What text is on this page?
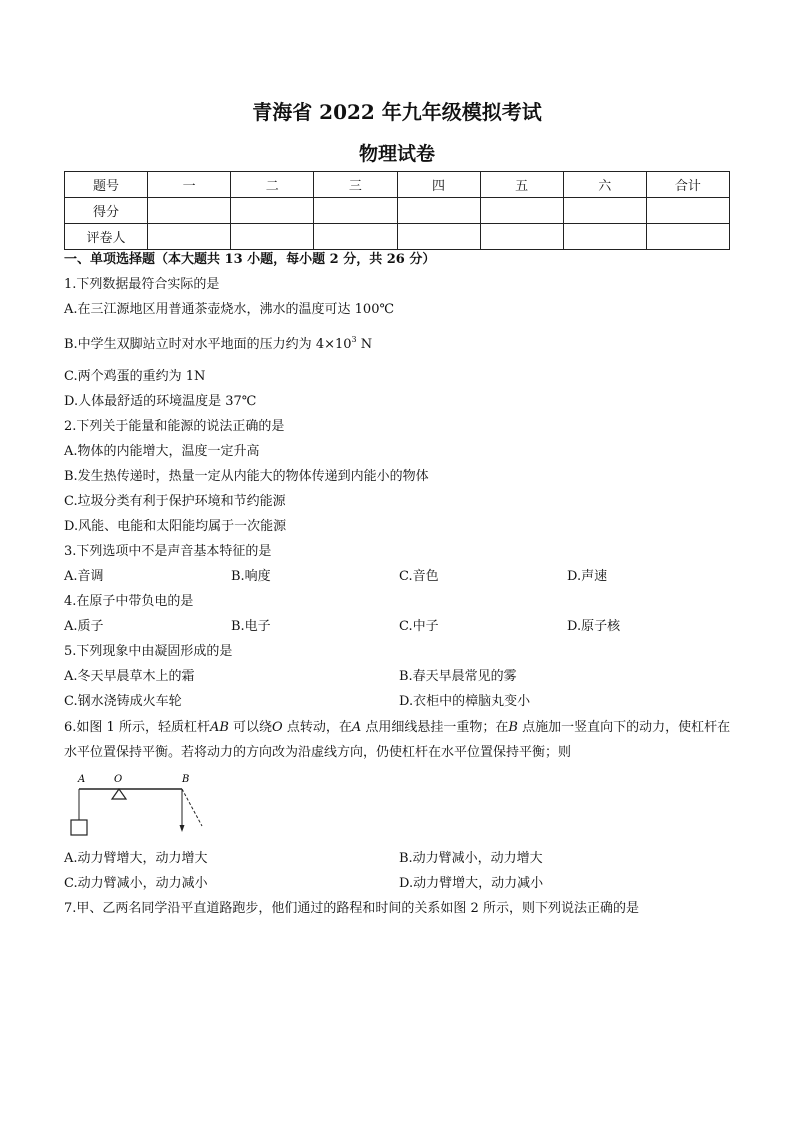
青海省 2022 年九年级模拟考试
物理试卷
题号	一	二	三	四	五	六	合计
得分							
评卷人							
一、单项选择题（本大题共 13 小题，每小题 2 分，共 26 分）
1.下列数据最符合实际的是
A.在三江源地区用普通茶壶烧水，沸水的温度可达 100℃
B.中学生双脚站立时对水平地面的压力约为 $4\times 10^3$ N
C.两个鸡蛋的重约为 1N
D.人体最舒适的环境温度是 37℃
2.下列关于能量和能源的说法正确的是
A.物体的内能增大，温度一定升高
B.发生热传递时，热量一定从内能大的物体传递到内能小的物体
C.垃圾分类有利于保护环境和节约能源
D.风能、电能和太阳能均属于一次能源
3.下列选项中不是声音基本特征的是
A.音调	B.响度	C.音色	D.声速
4.在原子中带负电的是
A.质子	B.电子	C.中子	D.原子核
5.下列现象中由凝固形成的是
A.冬天早晨草木上的霜	B.春天早晨常见的雾
C.钢水浇铸成火车轮	D.衣柜中的樟脑丸变小
6.如图 1 所示，轻质杠杆AB 可以绕O 点转动，在A 点用细线悬挂一重物；在B 点施加一竖直向下的动力，使杠杆在水平位置保持平衡。若将动力的方向改为沿虚线方向，仍使杠杆在水平位置保持平衡；则
A	O	B
A.动力臂增大，动力增大	B.动力臂减小，动力增大
C.动力臂减小，动力减小	D.动力臂增大，动力减小
7.甲、乙两名同学沿平直道路跑步，他们通过的路程和时间的关系如图 2 所示，则下列说法正确的是
